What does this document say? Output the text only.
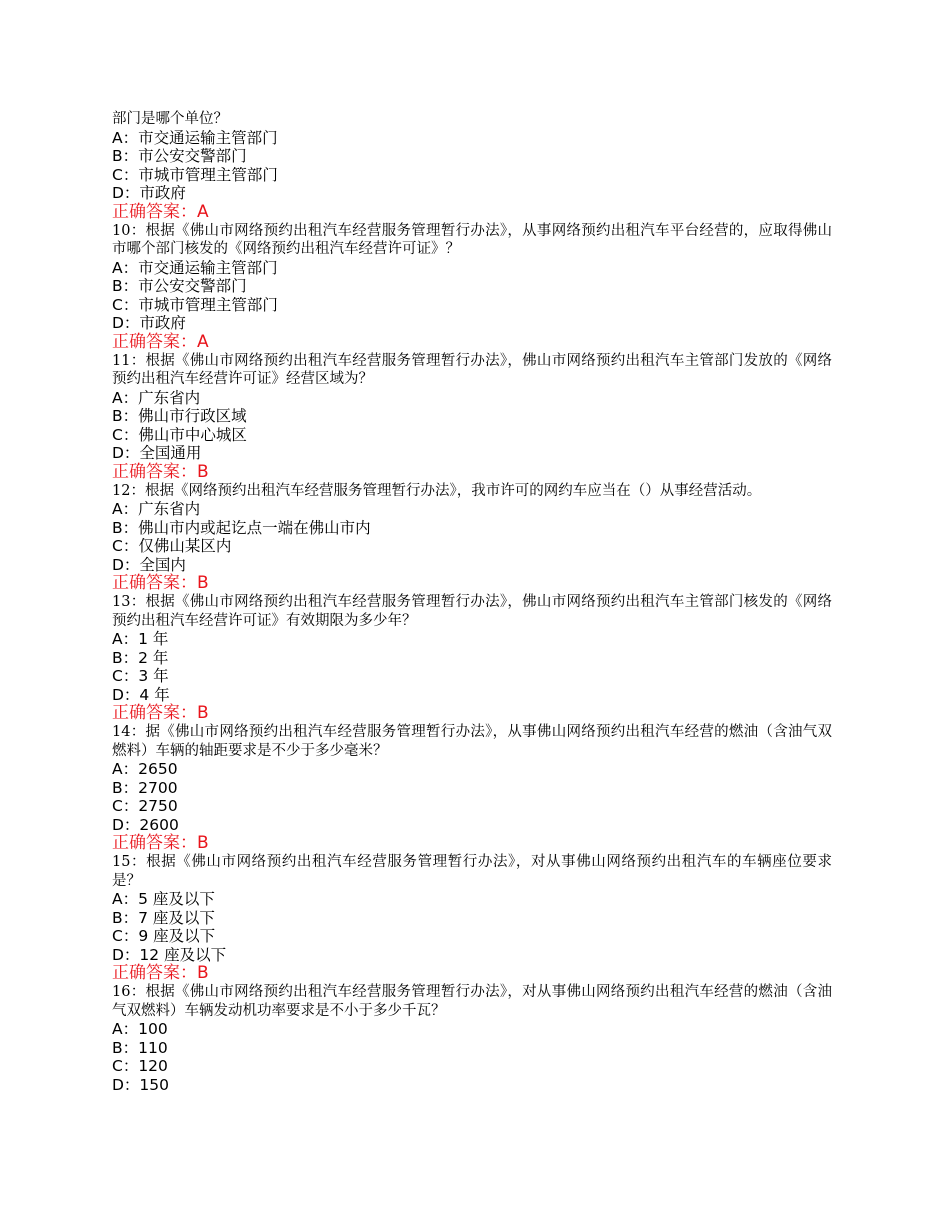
部门是哪个单位？
A：市交通运输主管部门
B：市公安交警部门
C：市城市管理主管部门
D：市政府
正确答案：A
10：根据《佛山市网络预约出租汽车经营服务管理暂行办法》，从事网络预约出租汽车平台经营的，应取得佛山市哪个部门核发的《网络预约出租汽车经营许可证》？
A：市交通运输主管部门
B：市公安交警部门
C：市城市管理主管部门
D：市政府
正确答案：A
11：根据《佛山市网络预约出租汽车经营服务管理暂行办法》，佛山市网络预约出租汽车主管部门发放的《网络预约出租汽车经营许可证》经营区域为？
A：广东省内
B：佛山市行政区域
C：佛山市中心城区
D：全国通用
正确答案：B
12：根据《网络预约出租汽车经营服务管理暂行办法》，我市许可的网约车应当在（）从事经营活动。
A：广东省内
B：佛山市内或起讫点一端在佛山市内
C：仅佛山某区内
D：全国内
正确答案：B
13：根据《佛山市网络预约出租汽车经营服务管理暂行办法》，佛山市网络预约出租汽车主管部门核发的《网络预约出租汽车经营许可证》有效期限为多少年？
A：1 年
B：2 年
C：3 年
D：4 年
正确答案：B
14：据《佛山市网络预约出租汽车经营服务管理暂行办法》，从事佛山网络预约出租汽车经营的燃油（含油气双燃料）车辆的轴距要求是不少于多少毫米？
A：2650
B：2700
C：2750
D：2600
正确答案：B
15：根据《佛山市网络预约出租汽车经营服务管理暂行办法》，对从事佛山网络预约出租汽车的车辆座位要求是？
A：5 座及以下
B：7 座及以下
C：9 座及以下
D：12 座及以下
正确答案：B
16：根据《佛山市网络预约出租汽车经营服务管理暂行办法》，对从事佛山网络预约出租汽车经营的燃油（含油气双燃料）车辆发动机功率要求是不小于多少千瓦？
A：100
B：110
C：120
D：150
